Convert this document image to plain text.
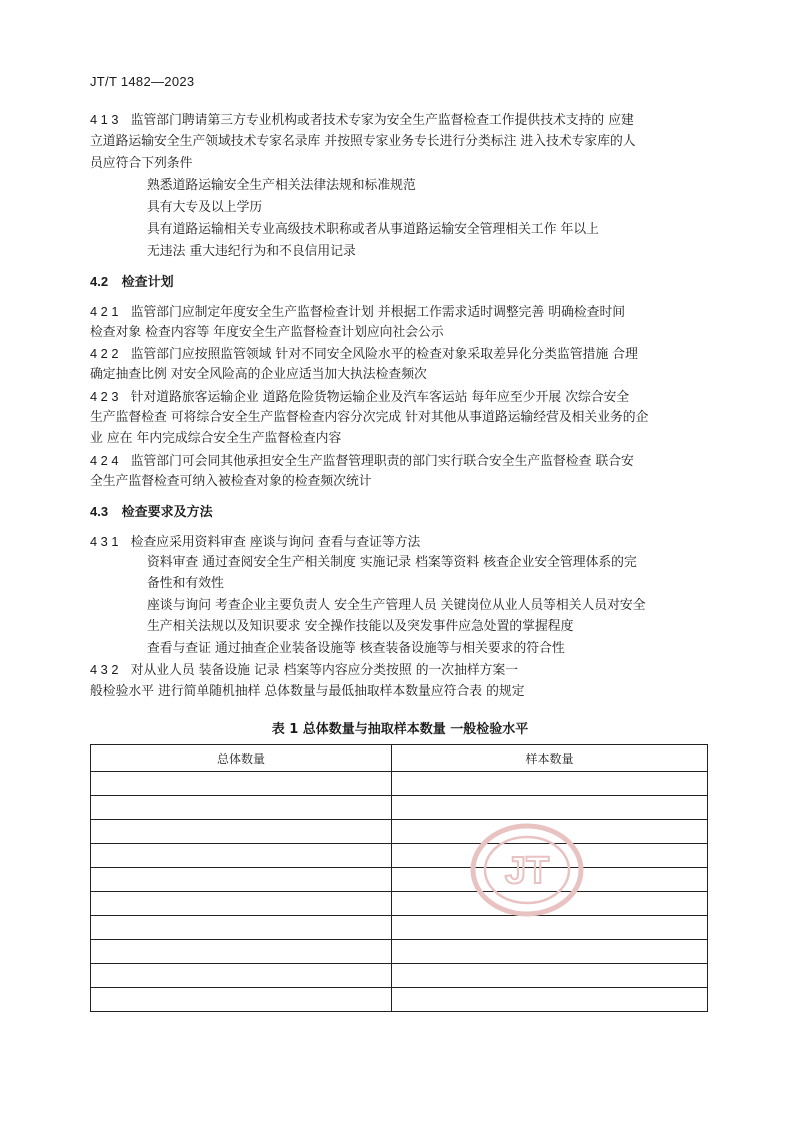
JT/T 1482—2023
4 1 3 监管部门聘请第三方专业机构或者技术专家为安全生产监督检查工作提供技术支持的 应建
立道路运输安全生产领域技术专家名录库 并按照专家业务专长进行分类标注 进入技术专家库的人
员应符合下列条件
熟悉道路运输安全生产相关法律法规和标准规范
具有大专及以上学历
具有道路运输相关专业高级技术职称或者从事道路运输安全管理相关工作 年以上
无违法 重大违纪行为和不良信用记录
4.2 检查计划
4 2 1 监管部门应制定年度安全生产监督检查计划 并根据工作需求适时调整完善 明确检查时间
检查对象 检查内容等 年度安全生产监督检查计划应向社会公示
4 2 2 监管部门应按照监管领域 针对不同安全风险水平的检查对象采取差异化分类监管措施 合理
确定抽查比例 对安全风险高的企业应适当加大执法检查频次
4 2 3 针对道路旅客运输企业 道路危险货物运输企业及汽车客运站 每年应至少开展 次综合安全
生产监督检查 可将综合安全生产监督检查内容分次完成 针对其他从事道路运输经营及相关业务的企
业 应在 年内完成综合安全生产监督检查内容
4 2 4 监管部门可会同其他承担安全生产监督管理职责的部门实行联合安全生产监督检查 联合安
全生产监督检查可纳入被检查对象的检查频次统计
4.3 检查要求及方法
4 3 1 检查应采用资料审查 座谈与询问 查看与查证等方法
资料审查 通过查阅安全生产相关制度 实施记录 档案等资料 核查企业安全管理体系的完
备性和有效性
座谈与询问 考查企业主要负责人 安全生产管理人员 关键岗位从业人员等相关人员对安全
生产相关法规以及知识要求 安全操作技能以及突发事件应急处置的掌握程度
查看与查证 通过抽查企业装备设施等 核查装备设施等与相关要求的符合性
4 3 2 对从业人员 装备设施 记录 档案等内容应分类按照 的一次抽样方案一
般检验水平 进行简单随机抽样 总体数量与最低抽取样本数量应符合表 的规定
表 1 总体数量与抽取样本数量 一般检验水平
总体数量	样本数量

JT
